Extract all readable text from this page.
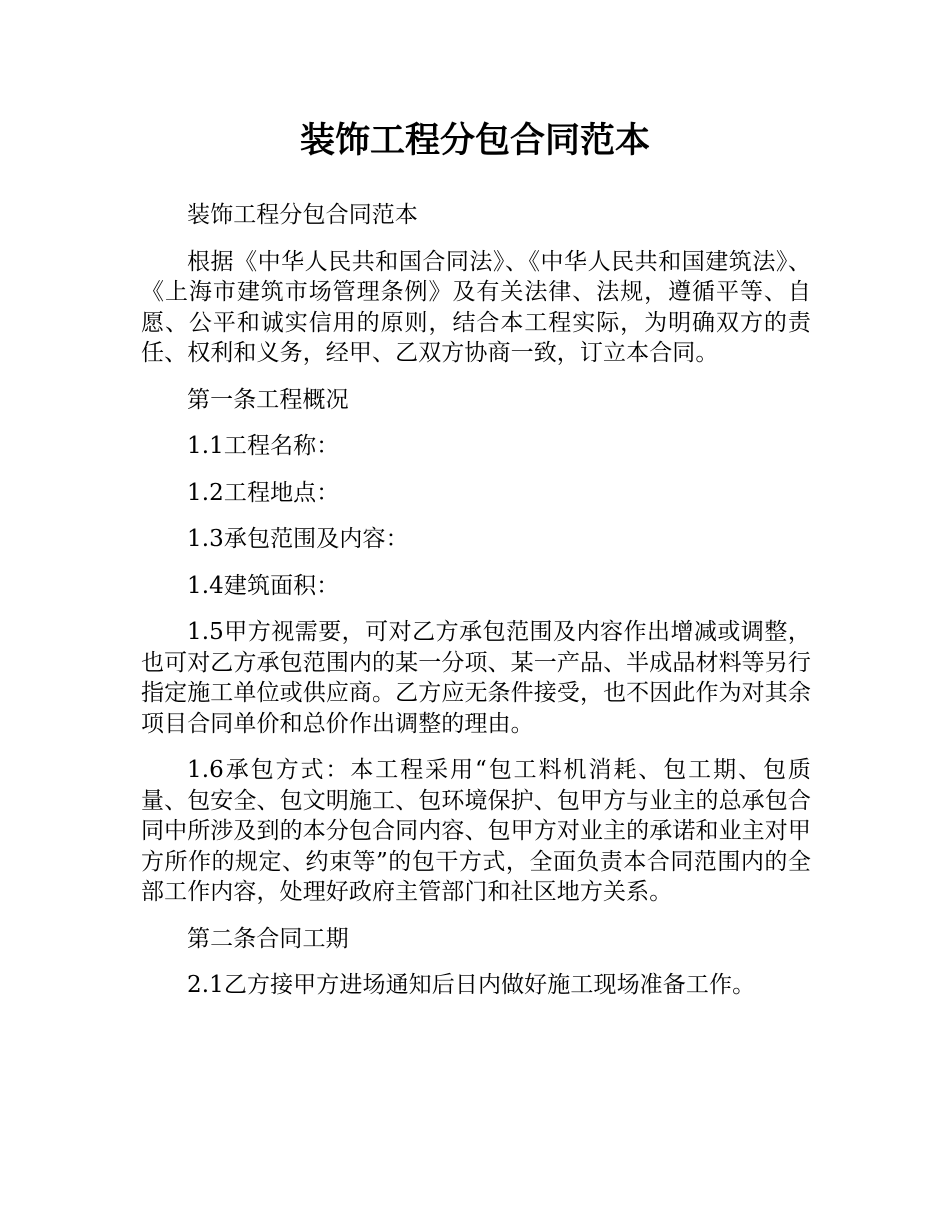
装饰工程分包合同范本

装饰工程分包合同范本

根据《中华人民共和国合同法》、《中华人民共和国建筑法》、《上海市建筑市场管理条例》及有关法律、法规，遵循平等、自愿、公平和诚实信用的原则，结合本工程实际，为明确双方的责任、权利和义务，经甲、乙双方协商一致，订立本合同。

第一条工程概况

1.1工程名称：

1.2工程地点：

1.3承包范围及内容：

1.4建筑面积：

1.5甲方视需要，可对乙方承包范围及内容作出增减或调整，也可对乙方承包范围内的某一分项、某一产品、半成品材料等另行指定施工单位或供应商。乙方应无条件接受，也不因此作为对其余项目合同单价和总价作出调整的理由。

1.6承包方式：本工程采用“包工料机消耗、包工期、包质量、包安全、包文明施工、包环境保护、包甲方与业主的总承包合同中所涉及到的本分包合同内容、包甲方对业主的承诺和业主对甲方所作的规定、约束等”的包干方式，全面负责本合同范围内的全部工作内容，处理好政府主管部门和社区地方关系。

第二条合同工期

2.1乙方接甲方进场通知后日内做好施工现场准备工作。
